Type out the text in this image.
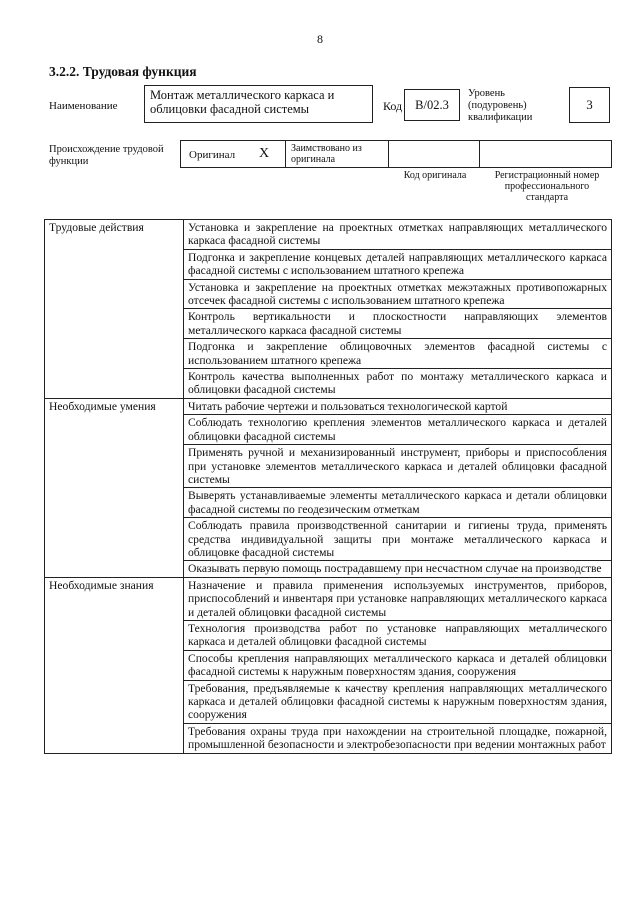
8
3.2.2. Трудовая функция
Наименование
Монтаж металлического каркаса и облицовки фасадной системы	Код	В/02.3
Уровень (подуровень) квалификации
3
Происхождение трудовой функции
Оригинал X Заимствовано из оригинала
Код оригинала	Регистрационный номер профессионального стандарта
Трудовые действия	Установка и закрепление на проектных отметках направляющих металлического каркаса фасадной системы
	Подгонка и закрепление концевых деталей направляющих металлического каркаса фасадной системы с использованием штатного крепежа
	Установка и закрепление на проектных отметках межэтажных противопожарных отсечек фасадной системы с использованием штатного крепежа
	Контроль вертикальности и плоскостности направляющих элементов металлического каркаса фасадной системы
	Подгонка и закрепление облицовочных элементов фасадной системы с использованием штатного крепежа
	Контроль качества выполненных работ по монтажу металлического каркаса и облицовки фасадной системы
Необходимые умения	Читать рабочие чертежи и пользоваться технологической картой
	Соблюдать технологию крепления элементов металлического каркаса и деталей облицовки фасадной системы
	Применять ручной и механизированный инструмент, приборы и приспособления при установке элементов металлического каркаса и деталей облицовки фасадной системы
	Выверять устанавливаемые элементы металлического каркаса и детали облицовки фасадной системы по геодезическим отметкам
	Соблюдать правила производственной санитарии и гигиены труда, применять средства индивидуальной защиты при монтаже металлического каркаса и облицовке фасадной системы
	Оказывать первую помощь пострадавшему при несчастном случае на производстве
Необходимые знания	Назначение и правила применения используемых инструментов, приборов, приспособлений и инвентаря при установке направляющих металлического каркаса и деталей облицовки фасадной системы
	Технология производства работ по установке направляющих металлического каркаса и деталей облицовки фасадной системы
	Способы крепления направляющих металлического каркаса и деталей облицовки фасадной системы к наружным поверхностям здания, сооружения
	Требования, предъявляемые к качеству крепления направляющих металлического каркаса и деталей облицовки фасадной системы к наружным поверхностям здания, сооружения
	Требования охраны труда при нахождении на строительной площадке, пожарной, промышленной безопасности и электробезопасности при ведении монтажных работ
